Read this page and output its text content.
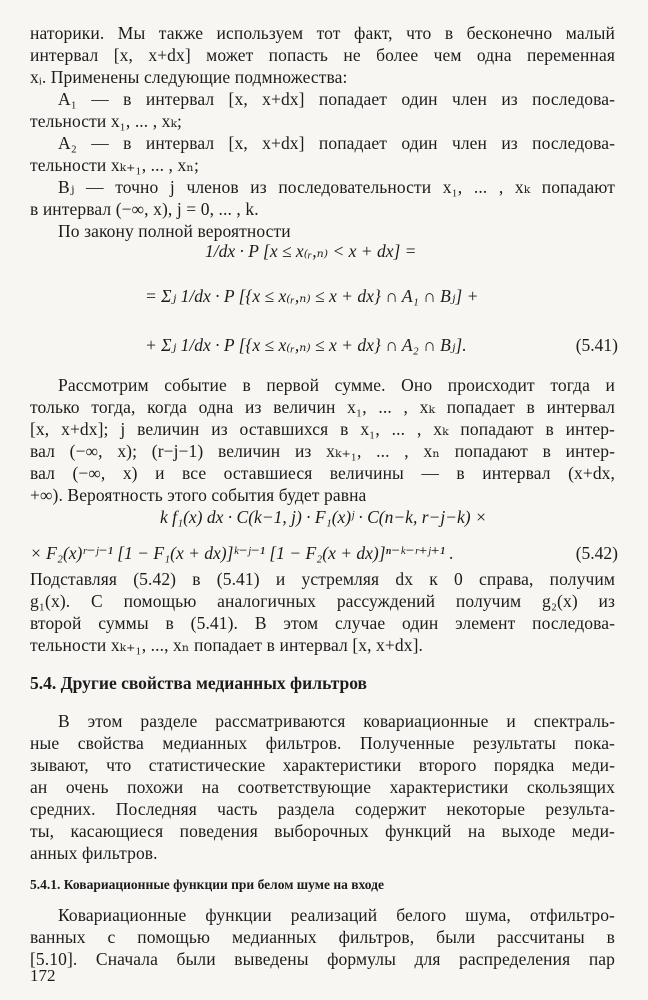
натoрики. Мы также используем тот факт, что в бесконечно малый
интервал [x, x+dx] может попасть не более чем одна переменная
xᵢ. Применены следующие подмножества:
A₁ — в интервал [x, x+dx] попадает один член из последова-
тельности x₁, ... , xₖ;
A₂ — в интервал [x, x+dx] попадает один член из последова-
тельности xₖ₊₁, ... , xₙ;
Bⱼ — точно j членов из последовательности x₁, ... , xₖ попадают
в интервал (−∞, x), j = 0, ... , k.
По закону полной вероятности
1/dx · P [x ≤ x₍ᵣ,ₙ₎ < x + dx] =
= Σⱼ 1/dx · P [{x ≤ x₍ᵣ,ₙ₎ ≤ x + dx} ∩ A₁ ∩ Bⱼ] +
+ Σⱼ 1/dx · P [{x ≤ x₍ᵣ,ₙ₎ ≤ x + dx} ∩ A₂ ∩ Bⱼ].	(5.41)
Рассмотрим событие в первой сумме. Оно происходит тогда и
только тогда, когда одна из величин x₁, ... , xₖ попадает в интервал
[x, x+dx]; j величин из оставшихся в x₁, ... , xₖ попадают в интер-
вал (−∞, x); (r−j−1) величин из xₖ₊₁, ... , xₙ попадают в интер-
вал (−∞, x) и все оставшиеся величины — в интервал (x+dx,
+∞). Вероятность этого события будет равна
k f₁(x) dx · C(k−1, j) · F₁(x)ʲ · C(n−k, r−j−k) ×
× F₂(x)ʳ⁻ʲ⁻¹ [1 − F₁(x + dx)]ᵏ⁻ʲ⁻¹ [1 − F₂(x + dx)]ⁿ⁻ᵏ⁻ʳ⁺ʲ⁺¹ .	(5.42)
Подставляя (5.42) в (5.41) и устремляя dx к 0 справа, получим
g₁(x). С помощью аналогичных рассуждений получим g₂(x) из
второй суммы в (5.41). В этом случае один элемент последова-
тельности xₖ₊₁, ..., xₙ попадает в интервал [x, x+dx].
5.4. Другие свойства медианных фильтров
В этом разделе рассматриваются ковариационные и спектраль-
ные свойства медианных фильтров. Полученные результаты пока-
зывают, что статистические характеристики второго порядка меди-
ан очень похожи на соответствующие характеристики скользящих
средних. Последняя часть раздела содержит некоторые результа-
ты, касающиеся поведения выборочных функций на выходе меди-
анных фильтров.
5.4.1. Ковариационные функции при белом шуме на входе
Ковариационные функции реализаций белого шума, отфильтро-
ванных с помощью медианных фильтров, были рассчитаны в
[5.10]. Сначала были выведены формулы для распределения пар
172
